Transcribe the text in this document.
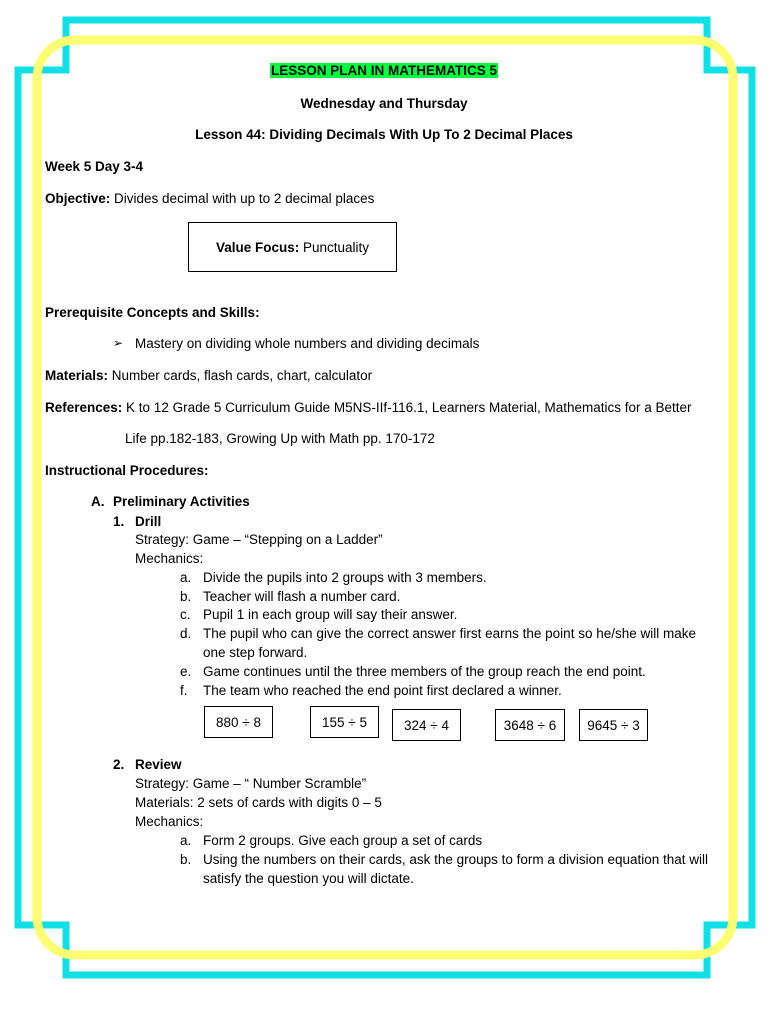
LESSON PLAN IN MATHEMATICS 5
Wednesday and Thursday
Lesson 44: Dividing Decimals With Up To 2 Decimal Places
Week 5 Day 3-4
Objective: Divides decimal with up to 2 decimal places
Value Focus: Punctuality
Prerequisite Concepts and Skills:
➢ Mastery on dividing whole numbers and dividing decimals
Materials: Number cards, flash cards, chart, calculator
References: K to 12 Grade 5 Curriculum Guide M5NS-IIf-116.1, Learners Material, Mathematics for a Better
Life pp.182-183, Growing Up with Math pp. 170-172
Instructional Procedures:
A. Preliminary Activities
1. Drill
Strategy: Game – “Stepping on a Ladder”
Mechanics:
a. Divide the pupils into 2 groups with 3 members.
b. Teacher will flash a number card.
c. Pupil 1 in each group will say their answer.
d. The pupil who can give the correct answer first earns the point so he/she will make
one step forward.
e. Game continues until the three members of the group reach the end point.
f. The team who reached the end point first declared a winner.
880 ÷ 8	155 ÷ 5	324 ÷ 4	3648 ÷ 6	9645 ÷ 3
2. Review
Strategy: Game – “ Number Scramble”
Materials: 2 sets of cards with digits 0 – 5
Mechanics:
a. Form 2 groups. Give each group a set of cards
b. Using the numbers on their cards, ask the groups to form a division equation that will
satisfy the question you will dictate.
